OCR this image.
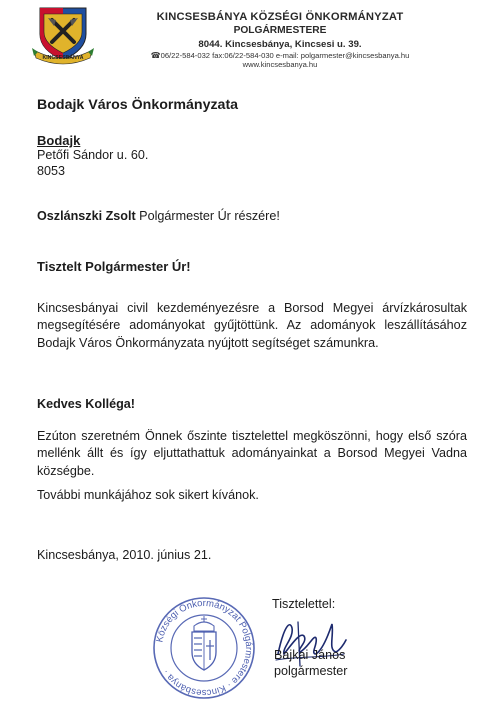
KINCSESBÁNYA
KINCSESBÁNYA KÖZSÉGI ÖNKORMÁNYZAT
POLGÁRMESTERE
8044. Kincsesbánya, Kincsesi u. 39.
☎06/22-584-032 fax:06/22-584-030 e-mail: polgarmester@kincsesbanya.hu
www.kincsesbanya.hu
Bodajk Város Önkormányzata
Bodajk
Petőfi Sándor u. 60.
8053
Oszlánszki Zsolt Polgármester Úr részére!
Tisztelt Polgármester Úr!
Kincsesbányai civil kezdeményezésre a Borsod Megyei árvízkárosultak megsegítésére adományokat gyűjtöttünk. Az adományok leszállításához Bodajk Város Önkormányzata nyújtott segítséget számunkra.
Kedves Kolléga!
Ezúton szeretném Önnek őszinte tisztelettel megköszönni, hogy első szóra mellénk állt és így eljuttathattuk adományainkat a Borsod Megyei Vadna községbe.
További munkájához sok sikert kívánok.
Kincsesbánya, 2010. június 21.
Községi Önkormányzat Polgármestere · Kincsesbánya ·
Tisztelettel:
Bajkai János
polgármester
